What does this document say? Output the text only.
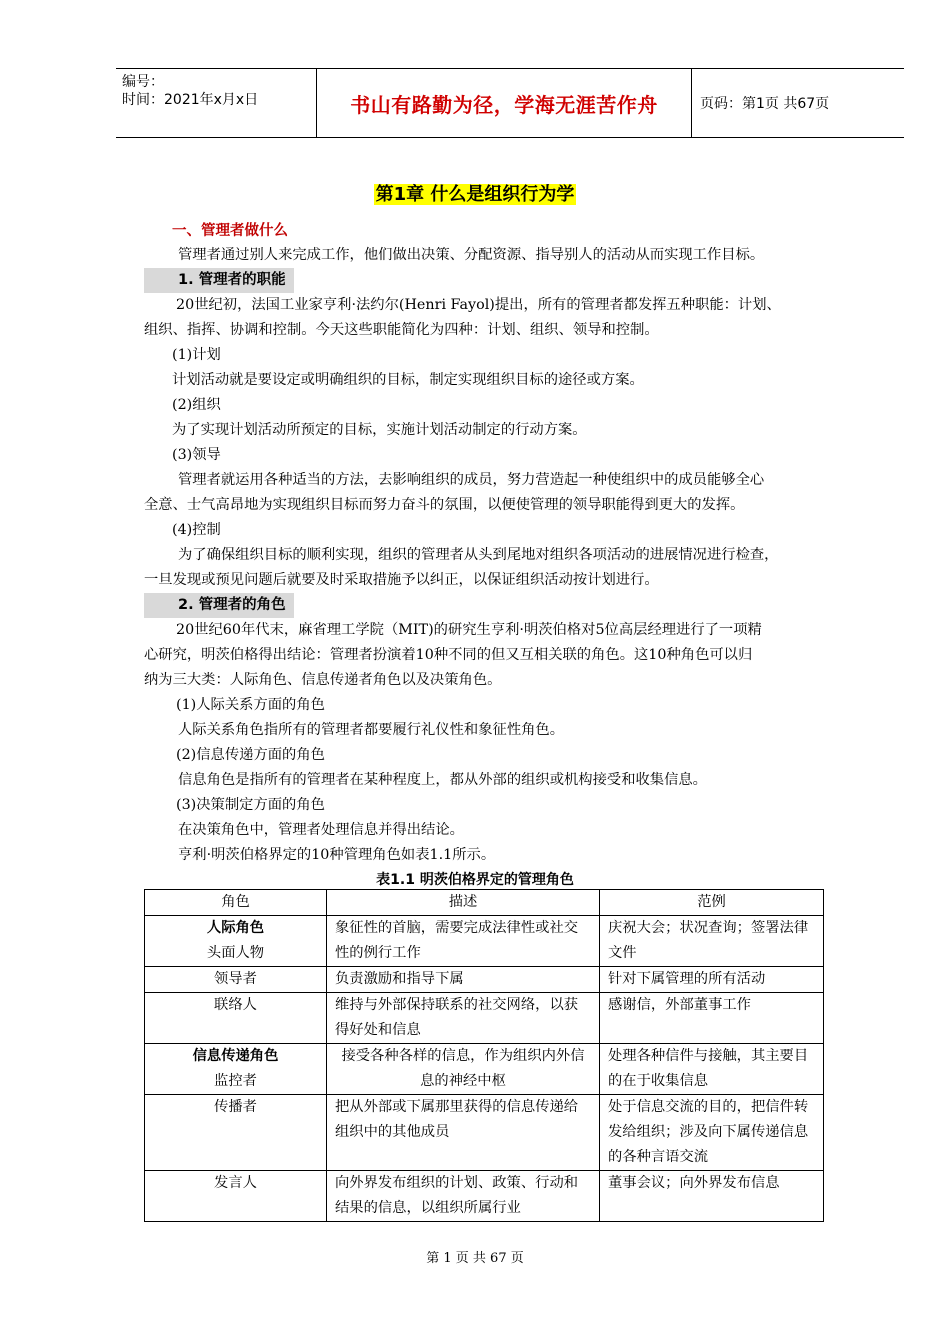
编号：
时间：2021年x月x日	书山有路勤为径，学海无涯苦作舟	页码：第1页 共67页
第1章 什么是组织行为学
一、管理者做什么
管理者通过别人来完成工作，他们做出决策、分配资源、指导别人的活动从而实现工作目标。
1. 管理者的职能
20世纪初，法国工业家亨利·法约尔(Henri Fayol)提出，所有的管理者都发挥五种职能：计划、
组织、指挥、协调和控制。今天这些职能简化为四种：计划、组织、领导和控制。
(1)计划
计划活动就是要设定或明确组织的目标，制定实现组织目标的途径或方案。
(2)组织
为了实现计划活动所预定的目标，实施计划活动制定的行动方案。
(3)领导
管理者就运用各种适当的方法，去影响组织的成员，努力营造起一种使组织中的成员能够全心
全意、士气高昂地为实现组织目标而努力奋斗的氛围，以便使管理的领导职能得到更大的发挥。
(4)控制
为了确保组织目标的顺利实现，组织的管理者从头到尾地对组织各项活动的进展情况进行检查，
一旦发现或预见问题后就要及时采取措施予以纠正，以保证组织活动按计划进行。
2. 管理者的角色
20世纪60年代末，麻省理工学院（MIT)的研究生亨利·明茨伯格对5位高层经理进行了一项精
心研究，明茨伯格得出结论：管理者扮演着10种不同的但又互相关联的角色。这10种角色可以归
纳为三大类：人际角色、信息传递者角色以及决策角色。
(1)人际关系方面的角色
人际关系角色指所有的管理者都要履行礼仪性和象征性角色。
(2)信息传递方面的角色
信息角色是指所有的管理者在某种程度上，都从外部的组织或机构接受和收集信息。
(3)决策制定方面的角色
在决策角色中，管理者处理信息并得出结论。
亨利·明茨伯格界定的10种管理角色如表1.1所示。
表1.1 明茨伯格界定的管理角色
角色	描述	范例

人际角色
头面人物	象征性的首脑，需要完成法律性或社交性的例行工作	庆祝大会；状况查询；签署法律文件
领导者	负责激励和指导下属	针对下属管理的所有活动
联络人	维持与外部保持联系的社交网络，以获得好处和信息	感谢信，外部董事工作

信息传递角色
监控者	接受各种各样的信息，作为组织内外信息的神经中枢	处理各种信件与接触，其主要目的在于收集信息
传播者	把从外部或下属那里获得的信息传递给组织中的其他成员	处于信息交流的目的，把信件转发给组织；涉及向下属传递信息的各种言语交流
发言人	向外界发布组织的计划、政策、行动和结果的信息，以组织所属行业	董事会议；向外界发布信息
第 1 页 共 67 页
